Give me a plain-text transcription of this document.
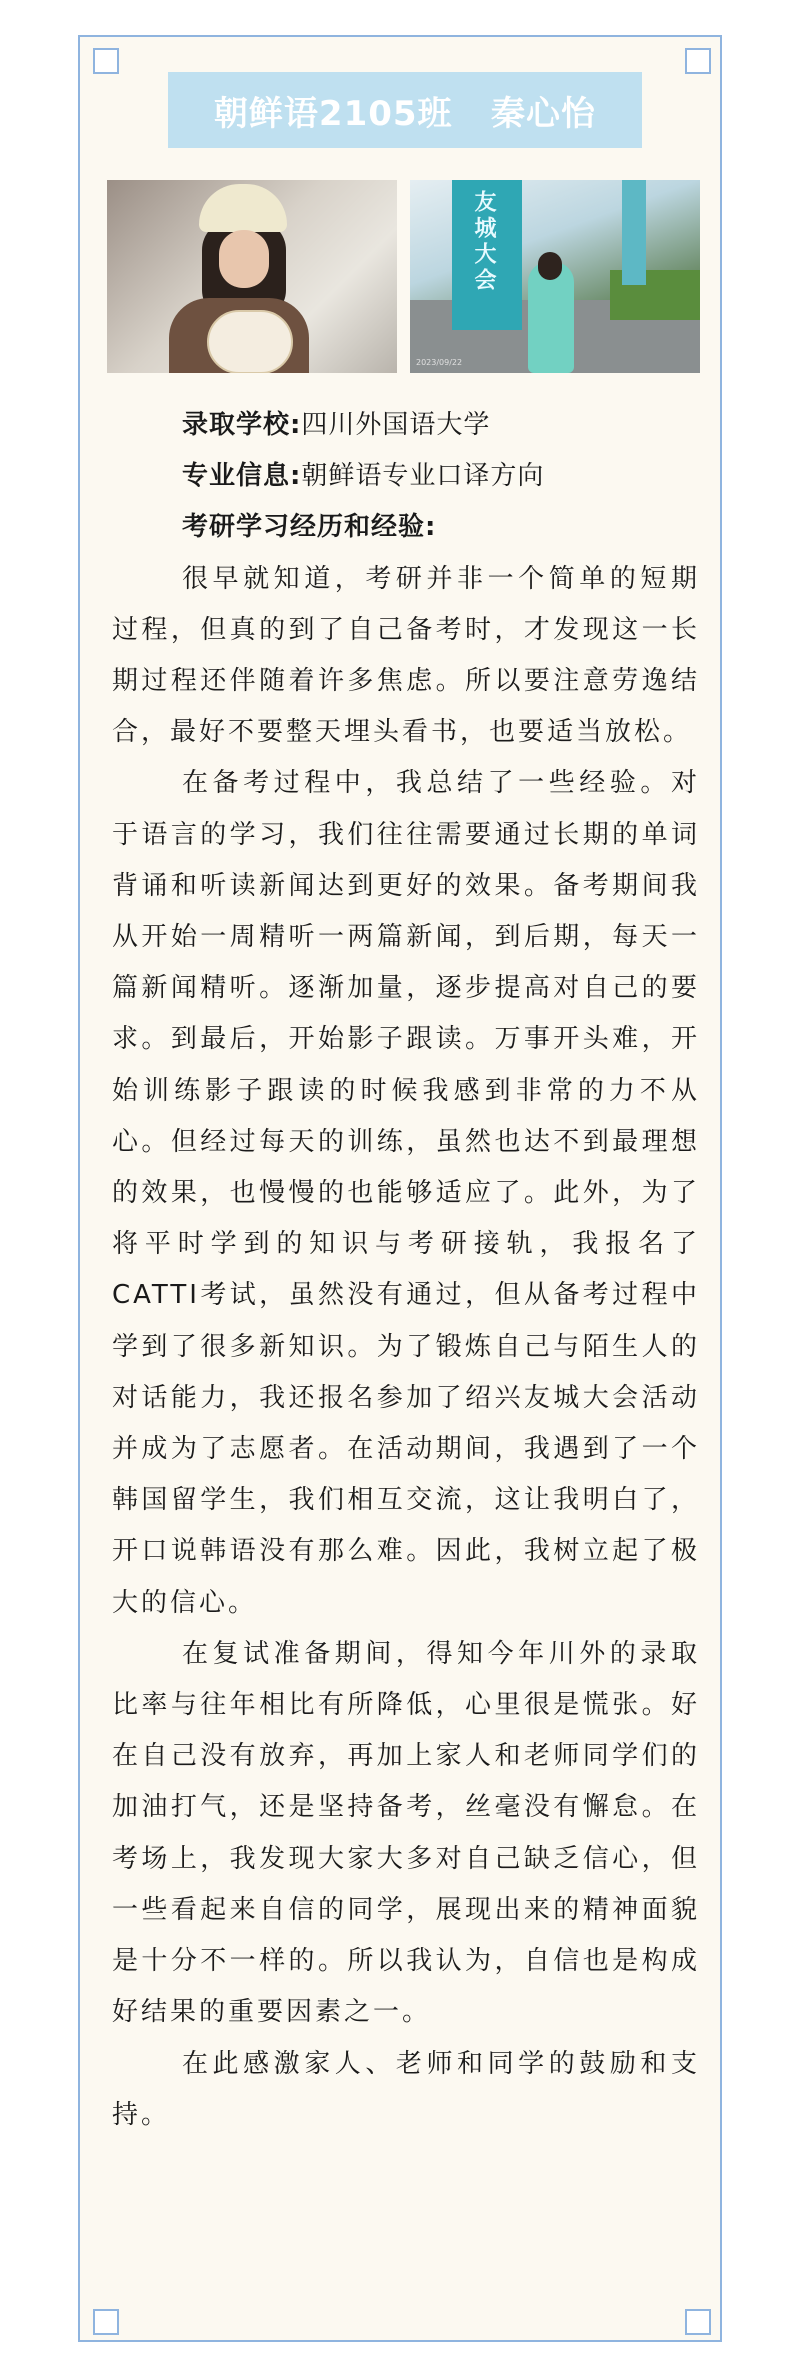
朝鲜语2105班   秦心怡
友城大会
2023/09/22

录取学校:四川外国语大学

专业信息:朝鲜语专业口译方向

考研学习经历和经验:

很早就知道，考研并非一个简单的短期过程，但真的到了自己备考时，才发现这一长期过程还伴随着许多焦虑。所以要注意劳逸结合，最好不要整天埋头看书，也要适当放松。

在备考过程中，我总结了一些经验。对于语言的学习，我们往往需要通过长期的单词背诵和听读新闻达到更好的效果。备考期间我从开始一周精听一两篇新闻，到后期，每天一篇新闻精听。逐渐加量，逐步提高对自己的要求。到最后，开始影子跟读。万事开头难，开始训练影子跟读的时候我感到非常的力不从心。但经过每天的训练，虽然也达不到最理想的效果，也慢慢的也能够适应了。此外，为了将平时学到的知识与考研接轨，我报名了CATTI考试，虽然没有通过，但从备考过程中学到了很多新知识。为了锻炼自己与陌生人的对话能力，我还报名参加了绍兴友城大会活动并成为了志愿者。在活动期间，我遇到了一个韩国留学生，我们相互交流，这让我明白了，开口说韩语没有那么难。因此，我树立起了极大的信心。

在复试准备期间，得知今年川外的录取比率与往年相比有所降低，心里很是慌张。好在自己没有放弃，再加上家人和老师同学们的加油打气，还是坚持备考，丝毫没有懈怠。在考场上，我发现大家大多对自己缺乏信心，但一些看起来自信的同学，展现出来的精神面貌是十分不一样的。所以我认为，自信也是构成好结果的重要因素之一。

在此感激家人、老师和同学的鼓励和支持。
